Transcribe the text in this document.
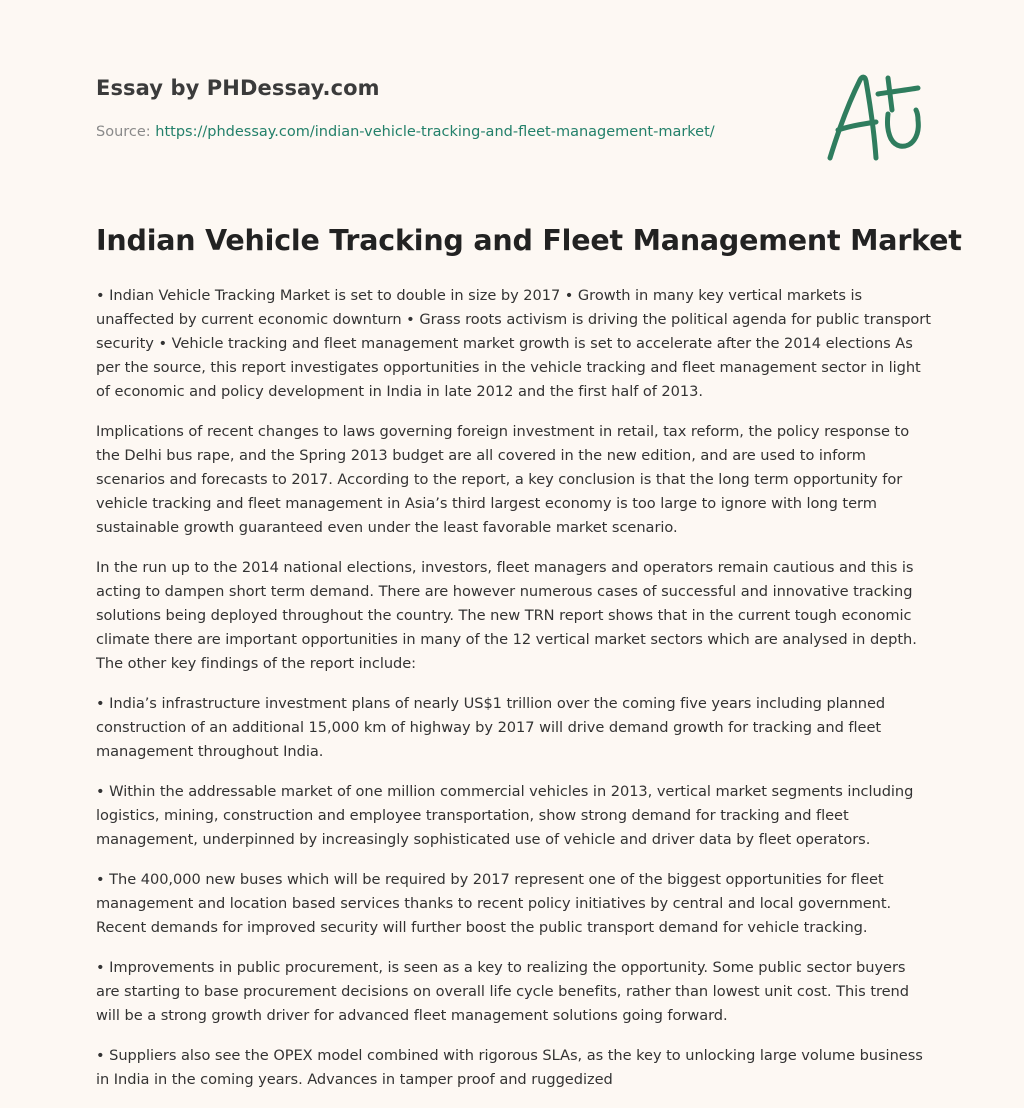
Essay by PHDessay.com
Source: https://phdessay.com/indian-vehicle-tracking-and-fleet-management-market/
Indian Vehicle Tracking and Fleet Management Market

• Indian Vehicle Tracking Market is set to double in size by 2017 • Growth in many key vertical markets is unaffected by current economic downturn • Grass roots activism is driving the political agenda for public transport security • Vehicle tracking and fleet management market growth is set to accelerate after the 2014 elections As per the source, this report investigates opportunities in the vehicle tracking and fleet management sector in light of economic and policy development in India in late 2012 and the first half of 2013.

Implications of recent changes to laws governing foreign investment in retail, tax reform, the policy response to the Delhi bus rape, and the Spring 2013 budget are all covered in the new edition, and are used to inform scenarios and forecasts to 2017. According to the report, a key conclusion is that the long term opportunity for vehicle tracking and fleet management in Asia’s third largest economy is too large to ignore with long term sustainable growth guaranteed even under the least favorable market scenario.

In the run up to the 2014 national elections, investors, fleet managers and operators remain cautious and this is acting to dampen short term demand. There are however numerous cases of successful and innovative tracking solutions being deployed throughout the country. The new TRN report shows that in the current tough economic climate there are important opportunities in many of the 12 vertical market sectors which are analysed in depth. The other key findings of the report include:

• India’s infrastructure investment plans of nearly US$1 trillion over the coming five years including planned construction of an additional 15,000 km of highway by 2017 will drive demand growth for tracking and fleet management throughout India.

• Within the addressable market of one million commercial vehicles in 2013, vertical market segments including logistics, mining, construction and employee transportation, show strong demand for tracking and fleet management, underpinned by increasingly sophisticated use of vehicle and driver data by fleet operators.

• The 400,000 new buses which will be required by 2017 represent one of the biggest opportunities for fleet management and location based services thanks to recent policy initiatives by central and local government. Recent demands for improved security will further boost the public transport demand for vehicle tracking.

• Improvements in public procurement, is seen as a key to realizing the opportunity. Some public sector buyers are starting to base procurement decisions on overall life cycle benefits, rather than lowest unit cost. This trend will be a strong growth driver for advanced fleet management solutions going forward.

• Suppliers also see the OPEX model combined with rigorous SLAs, as the key to unlocking large volume business in India in the coming years. Advances in tamper proof and ruggedized
